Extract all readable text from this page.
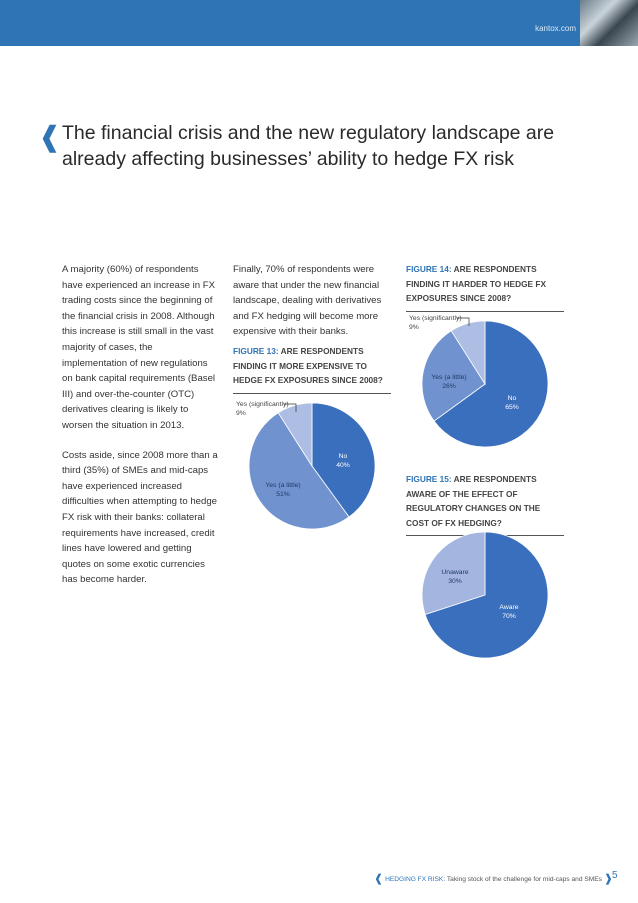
kantox.com
❰ The financial crisis and the new regulatory landscape are
already affecting businesses’ ability to hedge FX risk

A majority (60%) of respondents have experienced an increase in FX trading costs since the beginning of the financial crisis in 2008. Although this increase is still small in the vast majority of cases, the implementation of new regulations on bank capital requirements (Basel III) and over-the-counter (OTC) derivatives clearing is likely to worsen the situation in 2013.

Costs aside, since 2008 more than a third (35%) of SMEs and mid-caps have experienced increased difficulties when attempting to hedge FX risk with their banks: collateral requirements have increased, credit lines have lowered and getting quotes on some exotic currencies has become harder.

Finally, 70% of respondents were aware that under the new financial landscape, dealing with derivatives and FX hedging will become more expensive with their banks.

FIGURE 13: ARE RESPONDENTS FINDING IT MORE EXPENSIVE TO HEDGE FX EXPOSURES SINCE 2008?
FIGURE 14: ARE RESPONDENTS FINDING IT HARDER TO HEDGE FX EXPOSURES SINCE 2008?
FIGURE 15: ARE RESPONDENTS AWARE OF THE EFFECT OF REGULATORY CHANGES ON THE COST OF FX HEDGING?
No
40%
Yes (a little)
51%
Yes (significantly)
9%
No
65%
Yes (a little)
26%
Yes (significantly)
9%
Aware
70%
Unaware
30%
❰ HEDGING FX RISK: Taking stock of the challenge for mid-caps and SMEs ❱ 5
